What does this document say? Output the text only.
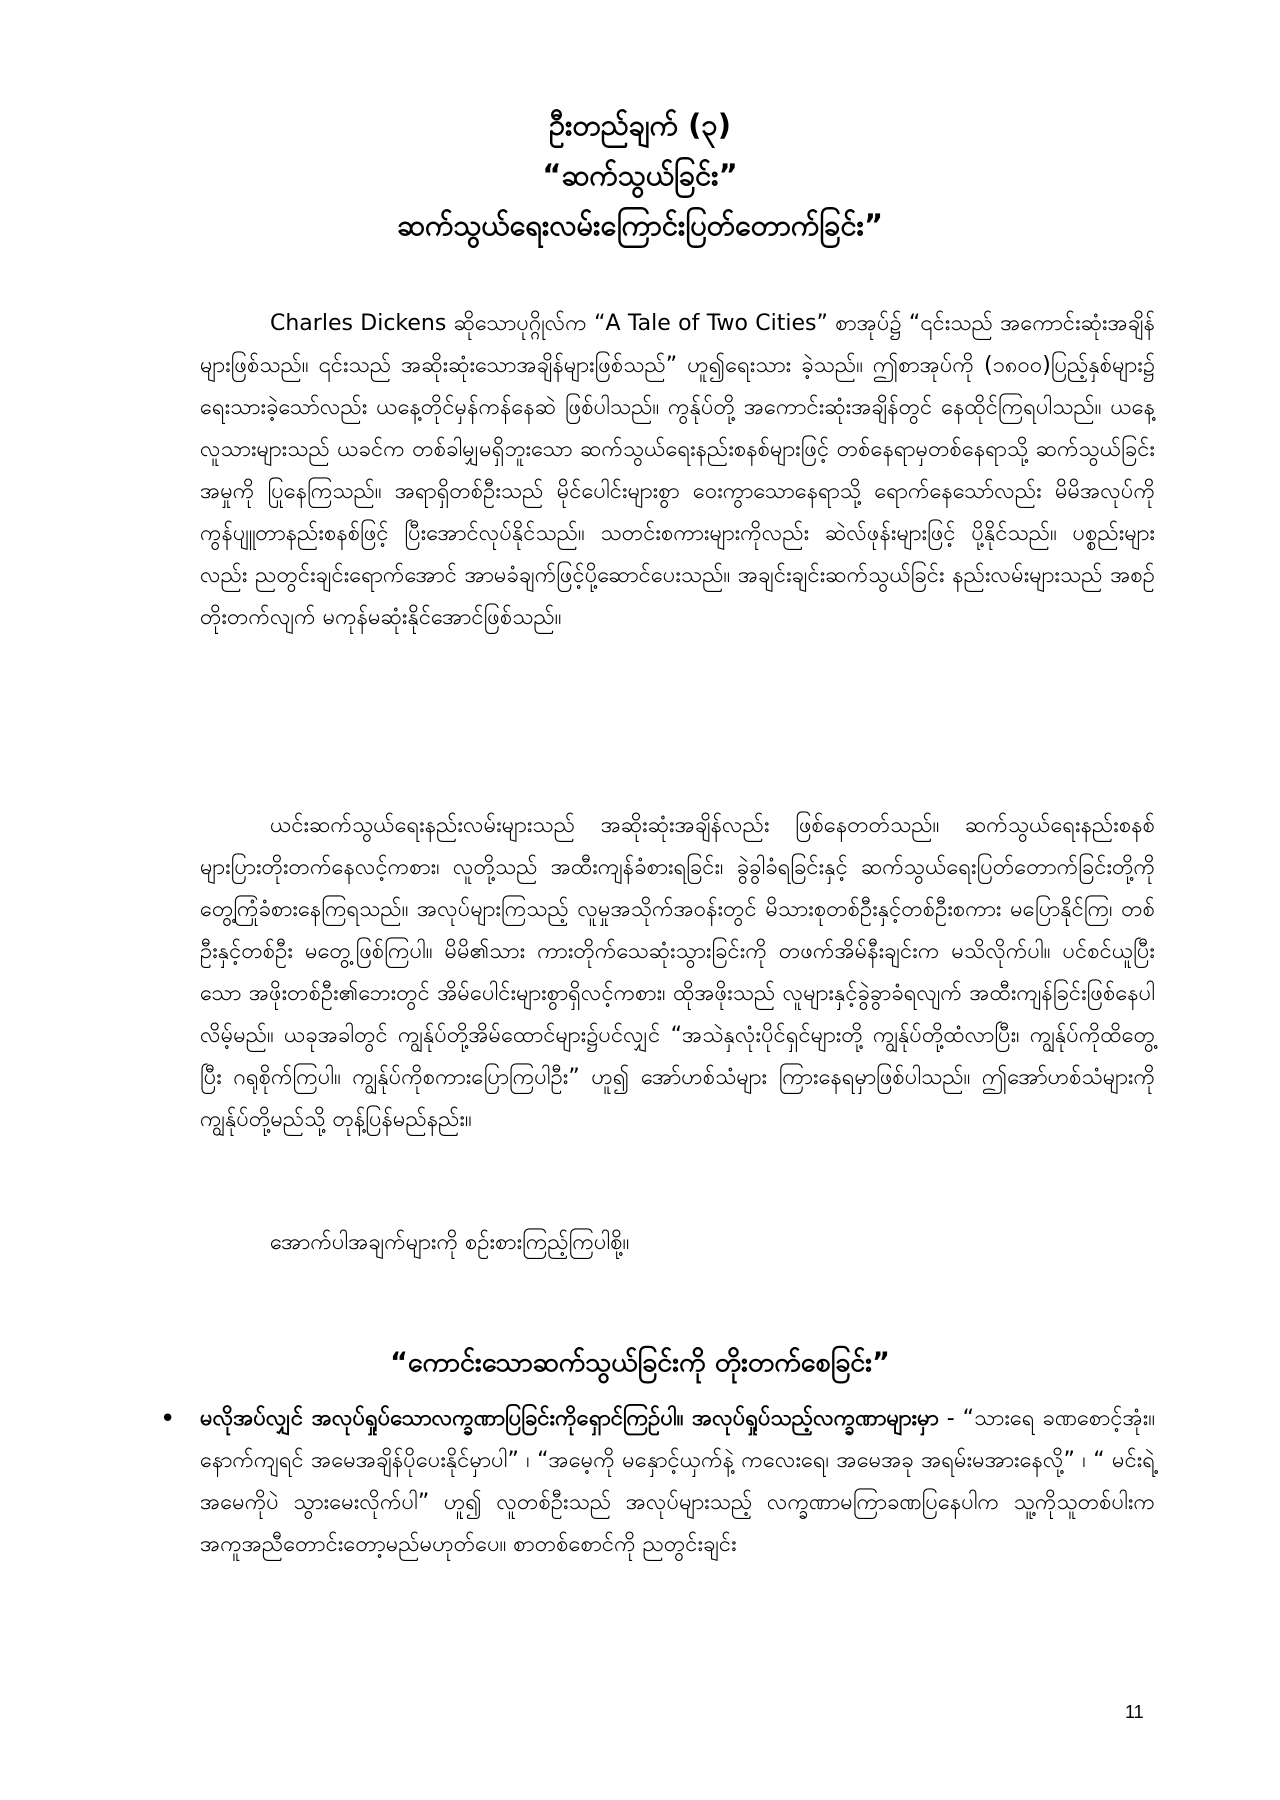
ဦးတည်ချက် (၃)
“ဆက်သွယ်ခြင်း”
ဆက်သွယ်ရေးလမ်းကြောင်းပြတ်တောက်ခြင်း”

Charles Dickens ဆိုသောပုဂ္ဂိုလ်က “A Tale of Two Cities” စာအုပ်၌ “၎င်းသည် အကောင်းဆုံးအချိန်များဖြစ်သည်။ ၎င်းသည် အဆိုးဆုံးသောအချိန်များဖြစ်သည်” ဟူ၍ရေးသား ခဲ့သည်။ ဤစာအုပ်ကို (၁၈၀၀)ပြည့်နှစ်များ၌ ရေးသားခဲ့သော်လည်း ယနေ့တိုင်မှန်ကန်နေဆဲ ဖြစ်ပါသည်။ ကွန်ုပ်တို့ အကောင်းဆုံးအချိန်တွင် နေထိုင်ကြရပါသည်။ ယနေ့လူသားများသည် ယခင်က တစ်ခါမျှမရှိဘူးသော ဆက်သွယ်ရေးနည်းစနစ်များဖြင့် တစ်နေရာမှတစ်နေရာသို့ ဆက်သွယ်ခြင်း အမှုကို ပြုနေကြသည်။ အရာရှိတစ်ဦးသည် မိုင်ပေါင်းများစွာ ဝေးကွာသောနေရာသို့ ရောက်နေသော်လည်း မိမိအလုပ်ကို ကွန်ပျူတာနည်းစနစ်ဖြင့် ပြီးအောင်လုပ်နိုင်သည်။ သတင်းစကားများကိုလည်း ဆဲလ်ဖုန်းများဖြင့် ပို့နိုင်သည်။ ပစ္စည်းများလည်း ညတွင်းချင်းရောက်အောင် အာမခံချက်ဖြင့်ပို့ဆောင်ပေးသည်။ အချင်းချင်းဆက်သွယ်ခြင်း နည်းလမ်းများသည် အစဉ်တိုးတက်လျက် မကုန်မဆုံးနိုင်အောင်ဖြစ်သည်။

ယင်းဆက်သွယ်ရေးနည်းလမ်းများသည် အဆိုးဆုံးအချိန်လည်း ဖြစ်နေတတ်သည်။ ဆက်သွယ်ရေးနည်းစနစ်များပြားတိုးတက်နေလင့်ကစား၊ လူတို့သည် အထီးကျန်ခံစားရခြင်း၊ ခွဲခွါခံရခြင်းနှင့် ဆက်သွယ်ရေးပြတ်တောက်ခြင်းတို့ကို တွေ့ကြုံခံစားနေကြရသည်။ အလုပ်များကြသည့် လူမှုအသိုက်အဝန်းတွင် မိသားစုတစ်ဦးနှင့်တစ်ဦးစကား မပြောနိုင်ကြ၊ တစ်ဦးနှင့်တစ်ဦး မတွေ့ဖြစ်ကြပါ။ မိမိ၏သား ကားတိုက်သေဆုံးသွားခြင်းကို တဖက်အိမ်နီးချင်းက မသိလိုက်ပါ။ ပင်စင်ယူပြီးသော အဖိုးတစ်ဦး၏ဘေးတွင် အိမ်ပေါင်းများစွာရှိလင့်ကစား၊ ထိုအဖိုးသည် လူများနှင့်ခွဲခွာခံရလျက် အထီးကျန်ခြင်းဖြစ်နေပါလိမ့်မည်။ ယခုအခါတွင် ကျွန်ုပ်တို့အိမ်ထောင်များ၌ပင်လျှင် “အသဲနှလုံးပိုင်ရှင်များတို့ ကျွန်ုပ်တို့ထံလာပြီး၊ ကျွန်ုပ်ကိုထိတွေ့ပြီး ဂရုစိုက်ကြပါ။ ကျွန်ုပ်ကိုစကားပြောကြပါဦး” ဟူ၍ အော်ဟစ်သံများ ကြားနေရမှာဖြစ်ပါသည်။ ဤအော်ဟစ်သံများကို ကျွန်ုပ်တို့မည်သို့ တုန့်ပြန်မည်နည်း။

အောက်ပါအချက်များကို စဉ်းစားကြည့်ကြပါစို့။

“ကောင်းသောဆက်သွယ်ခြင်းကို တိုးတက်စေခြင်း”
• မလိုအပ်လျှင် အလုပ်ရှုပ်သောလက္ခဏာပြခြင်းကိုရှောင်ကြဉ်ပါ။ အလုပ်ရှုပ်သည့်လက္ခဏာများမှာ - “သားရေ ခဏစောင့်အုံး။ နောက်ကျရင် အမေအချိန်ပိုပေးနိုင်မှာပါ” ၊ “အမေ့ကို မနှောင့်ယှက်နဲ့ ကလေးရေ၊ အမေအခု အရမ်းမအားနေလို့” ၊ “ မင်းရဲ့အမေကိုပဲ သွားမေးလိုက်ပါ” ဟူ၍ လူတစ်ဦးသည် အလုပ်များသည့် လက္ခဏာမကြာခဏပြနေပါက သူ့ကိုသူတစ်ပါးက အကူအညီတောင်းတော့မည်မဟုတ်ပေ။ စာတစ်စောင်ကို ညတွင်းချင်း
11
